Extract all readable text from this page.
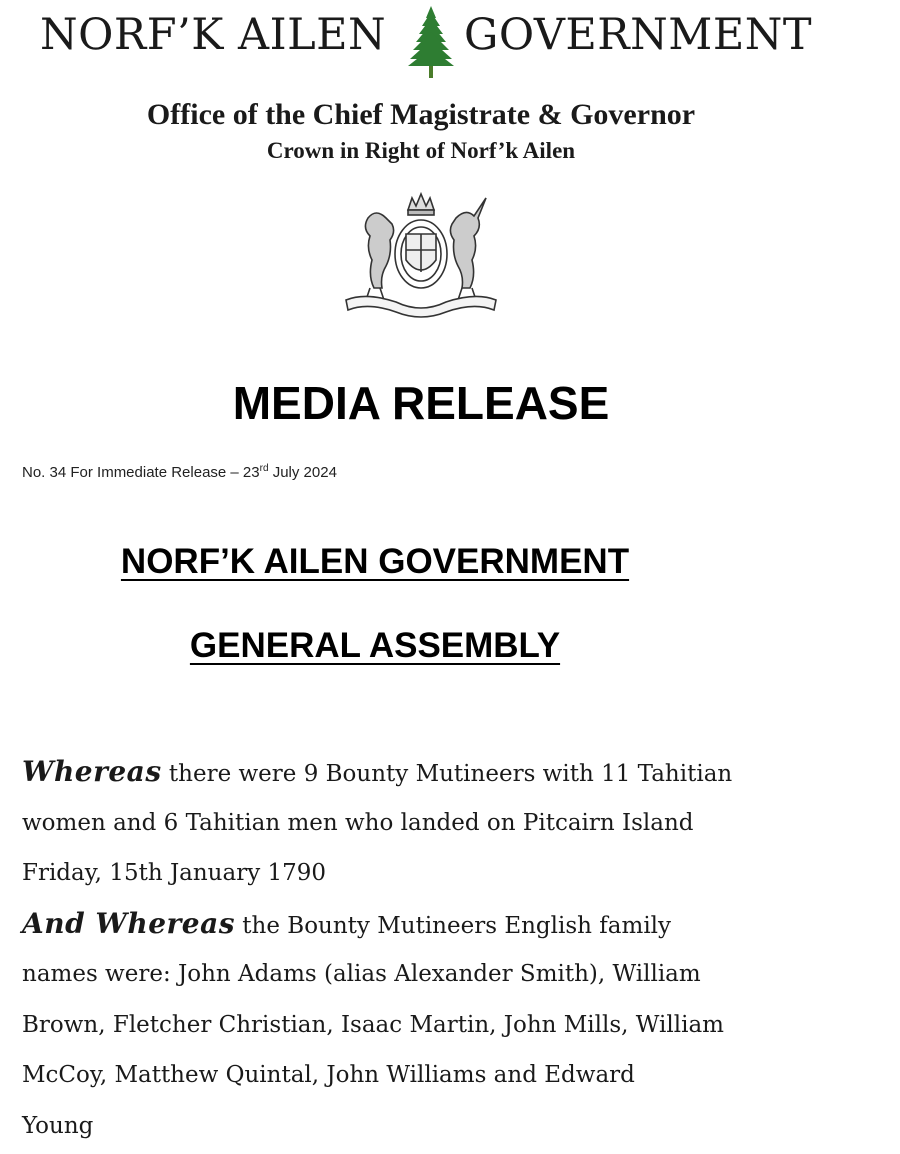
NORF’K AILEN GOVERNMENT
Office of the Chief Magistrate & Governor
Crown in Right of Norf’k Ailen
MEDIA RELEASE
No. 34 For Immediate Release – 23rd July 2024
NORF’K AILEN GOVERNMENT
GENERAL ASSEMBLY
Whereas there were 9 Bounty Mutineers with 11 Tahitian
women and 6 Tahitian men who landed on Pitcairn Island
Friday, 15th January 1790
And Whereas the Bounty Mutineers English family
names were: John Adams (alias Alexander Smith), William
Brown, Fletcher Christian, Isaac Martin, John Mills, William
McCoy, Matthew Quintal, John Williams and Edward
Young
